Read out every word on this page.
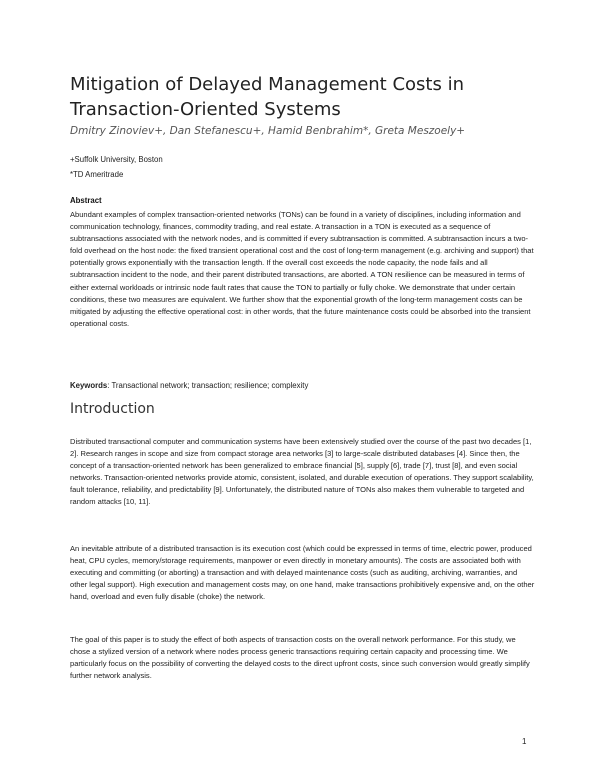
Mitigation of Delayed Management Costs in Transaction-Oriented Systems

Dmitry Zinoviev+, Dan Stefanescu+, Hamid Benbrahim*, Greta Meszoely+

+Suffolk University, Boston

*TD Ameritrade

Abstract

Abundant examples of complex transaction-oriented networks (TONs) can be found in a variety of disciplines, including information and communication technology, finances, commodity trading, and real estate. A transaction in a TON is executed as a sequence of subtransactions associated with the network nodes, and is committed if every subtransaction is committed. A subtransaction incurs a two-fold overhead on the host node: the fixed transient operational cost and the cost of long-term management (e.g. archiving and support) that potentially grows exponentially with the transaction length. If the overall cost exceeds the node capacity, the node fails and all subtransaction incident to the node, and their parent distributed transactions, are aborted. A TON resilience can be measured in terms of either external workloads or intrinsic node fault rates that cause the TON to partially or fully choke. We demonstrate that under certain conditions, these two measures are equivalent. We further show that the exponential growth of the long-term management costs can be mitigated by adjusting the effective operational cost: in other words, that the future maintenance costs could be absorbed into the transient operational costs.

Keywords: Transactional network; transaction; resilience; complexity

Introduction

Distributed transactional computer and communication systems have been extensively studied over the course of the past two decades [1, 2]. Research ranges in scope and size from compact storage area networks [3] to large-scale distributed databases [4]. Since then, the concept of a transaction-oriented network has been generalized to embrace financial [5], supply [6], trade [7], trust [8], and even social networks. Transaction-oriented networks provide atomic, consistent, isolated, and durable execution of operations. They support scalability, fault tolerance, reliability, and predictability [9]. Unfortunately, the distributed nature of TONs also makes them vulnerable to targeted and random attacks [10, 11].

An inevitable attribute of a distributed transaction is its execution cost (which could be expressed in terms of time, electric power, produced heat, CPU cycles, memory/storage requirements, manpower or even directly in monetary amounts). The costs are associated both with executing and committing (or aborting) a transaction and with delayed maintenance costs (such as auditing, archiving, warranties, and other legal support). High execution and management costs may, on one hand, make transactions prohibitively expensive and, on the other hand, overload and even fully disable (choke) the network.

The goal of this paper is to study the effect of both aspects of transaction costs on the overall network performance. For this study, we chose a stylized version of a network where nodes process generic transactions requiring certain capacity and processing time. We particularly focus on the possibility of converting the delayed costs to the direct upfront costs, since such conversion would greatly simplify further network analysis.

1
